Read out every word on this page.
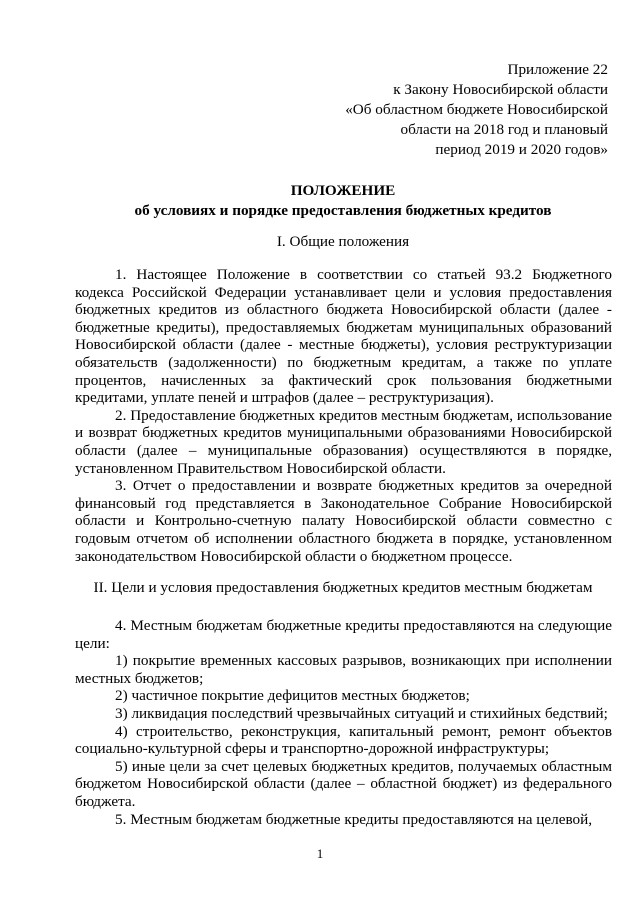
Приложение 22
к Закону Новосибирской области
«Об областном бюджете Новосибирской
области на 2018 год и плановый
период 2019 и 2020 годов»
ПОЛОЖЕНИЕ
об условиях и порядке предоставления бюджетных кредитов
I. Общие положения

1. Настоящее Положение в соответствии со статьей 93.2 Бюджетного кодекса Российской Федерации устанавливает цели и условия предоставления бюджетных кредитов из областного бюджета Новосибирской области (далее - бюджетные кредиты), предоставляемых бюджетам муниципальных образований Новосибирской области (далее - местные бюджеты), условия реструктуризации обязательств (задолженности) по бюджетным кредитам, а также по уплате процентов, начисленных за фактический срок пользования бюджетными кредитами, уплате пеней и штрафов (далее – реструктуризация).

2. Предоставление бюджетных кредитов местным бюджетам, использование и возврат бюджетных кредитов муниципальными образованиями Новосибирской области (далее – муниципальные образования) осуществляются в порядке, установленном Правительством Новосибирской области.

3. Отчет о предоставлении и возврате бюджетных кредитов за очередной финансовый год представляется в Законодательное Собрание Новосибирской области и Контрольно-счетную палату Новосибирской области совместно с годовым отчетом об исполнении областного бюджета в порядке, установленном законодательством Новосибирской области о бюджетном процессе.

II. Цели и условия предоставления бюджетных кредитов местным бюджетам

4. Местным бюджетам бюджетные кредиты предоставляются на следующие цели:

1) покрытие временных кассовых разрывов, возникающих при исполнении местных бюджетов;

2) частичное покрытие дефицитов местных бюджетов;

3) ликвидация последствий чрезвычайных ситуаций и стихийных бедствий;

4) строительство, реконструкция, капитальный ремонт, ремонт объектов социально-культурной сферы и транспортно-дорожной инфраструктуры;

5) иные цели за счет целевых бюджетных кредитов, получаемых областным бюджетом Новосибирской области (далее – областной бюджет) из федерального бюджета.

5. Местным бюджетам бюджетные кредиты предоставляются на целевой,

1
